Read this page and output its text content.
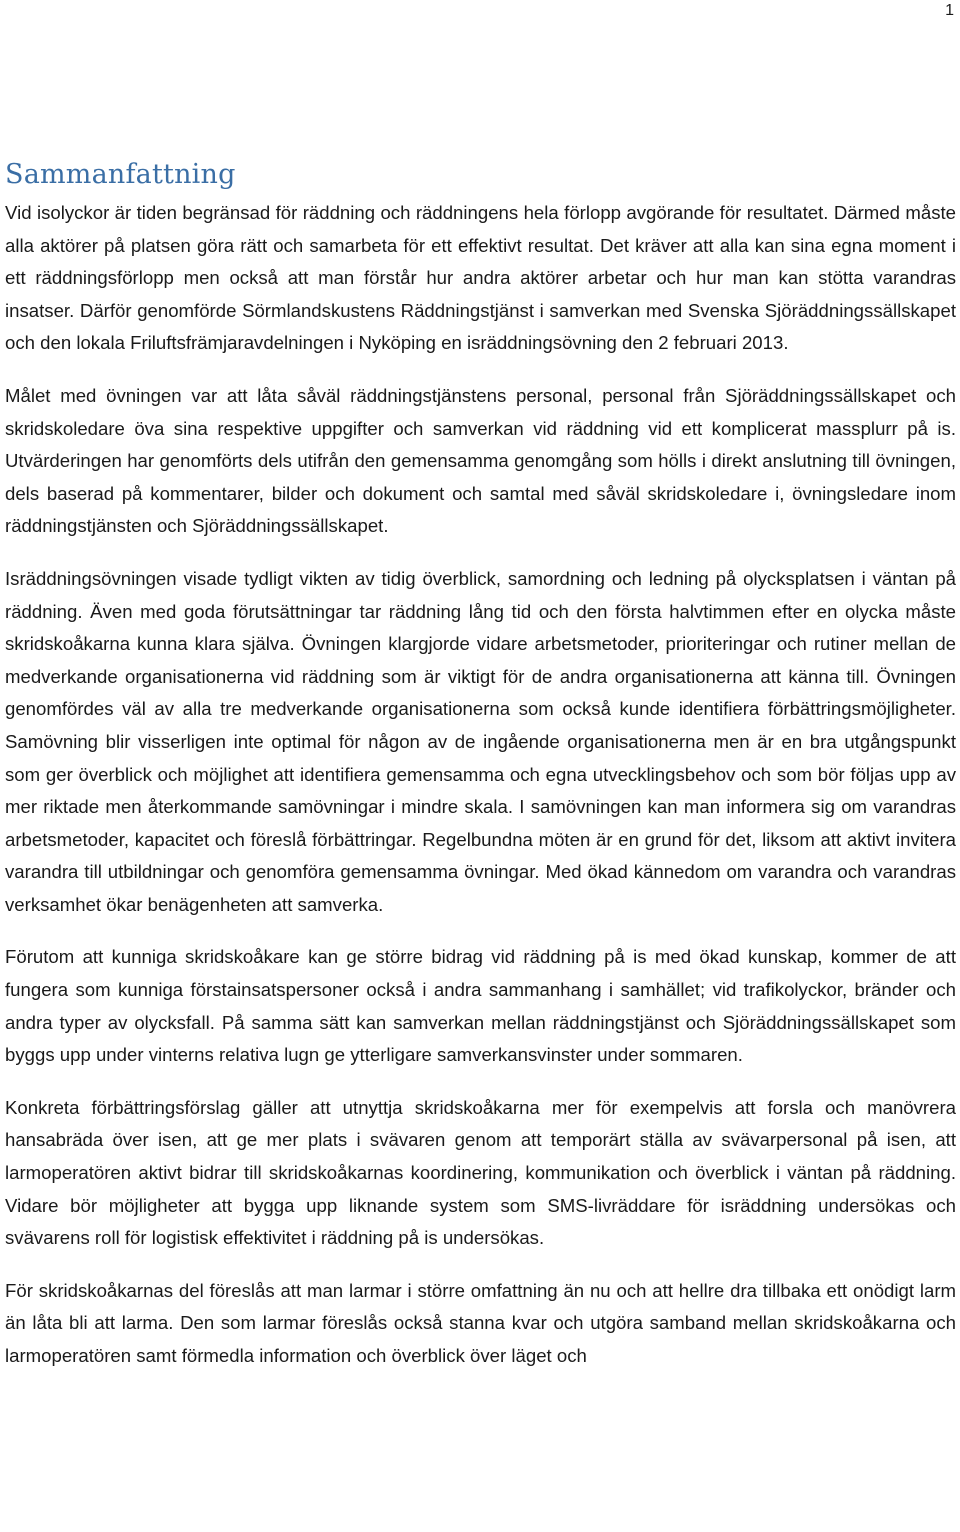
1
Sammanfattning

Vid isolyckor är tiden begränsad för räddning och räddningens hela förlopp avgörande för resultatet. Därmed måste alla aktörer på platsen göra rätt och samarbeta för ett effektivt resultat. Det kräver att alla kan sina egna moment i ett räddningsförlopp men också att man förstår hur andra aktörer arbetar och hur man kan stötta varandras insatser. Därför genomförde Sörmlandskustens Räddningstjänst i samverkan med Svenska Sjöräddningssällskapet och den lokala Friluftsfrämjaravdelningen i Nyköping en isräddningsövning den 2 februari 2013.

Målet med övningen var att låta såväl räddningstjänstens personal, personal från Sjöräddningssällskapet och skridskoledare öva sina respektive uppgifter och samverkan vid räddning vid ett komplicerat massplurr på is. Utvärderingen har genomförts dels utifrån den gemensamma genomgång som hölls i direkt anslutning till övningen, dels baserad på kommentarer, bilder och dokument och samtal med såväl skridskoledare i, övningsledare inom räddningstjänsten och Sjöräddningssällskapet.

Isräddningsövningen visade tydligt vikten av tidig överblick, samordning och ledning på olycksplatsen i väntan på räddning. Även med goda förutsättningar tar räddning lång tid och den första halvtimmen efter en olycka måste skridskoåkarna kunna klara själva. Övningen klargjorde vidare arbetsmetoder, prioriteringar och rutiner mellan de medverkande organisationerna vid räddning som är viktigt för de andra organisationerna att känna till. Övningen genomfördes väl av alla tre medverkande organisationerna som också kunde identifiera förbättringsmöjligheter. Samövning blir visserligen inte optimal för någon av de ingående organisationerna men är en bra utgångspunkt som ger överblick och möjlighet att identifiera gemensamma och egna utvecklingsbehov och som bör följas upp av mer riktade men återkommande samövningar i mindre skala. I samövningen kan man informera sig om varandras arbetsmetoder, kapacitet och föreslå förbättringar. Regelbundna möten är en grund för det, liksom att aktivt invitera varandra till utbildningar och genomföra gemensamma övningar. Med ökad kännedom om varandra och varandras verksamhet ökar benägenheten att samverka.

Förutom att kunniga skridskoåkare kan ge större bidrag vid räddning på is med ökad kunskap, kommer de att fungera som kunniga förstainsatspersoner också i andra sammanhang i samhället; vid trafikolyckor, bränder och andra typer av olycksfall. På samma sätt kan samverkan mellan räddningstjänst och Sjöräddningssällskapet som byggs upp under vinterns relativa lugn ge ytterligare samverkansvinster under sommaren.

Konkreta förbättringsförslag gäller att utnyttja skridskoåkarna mer för exempelvis att forsla och manövrera hansabräda över isen, att ge mer plats i svävaren genom att temporärt ställa av svävarpersonal på isen, att larmoperatören aktivt bidrar till skridskoåkarnas koordinering, kommunikation och överblick i väntan på räddning. Vidare bör möjligheter att bygga upp liknande system som SMS-livräddare för isräddning undersökas och svävarens roll för logistisk effektivitet i räddning på is undersökas.

För skridskoåkarnas del föreslås att man larmar i större omfattning än nu och att hellre dra tillbaka ett onödigt larm än låta bli att larma. Den som larmar föreslås också stanna kvar och utgöra samband mellan skridskoåkarna och larmoperatören samt förmedla information och överblick över läget och
